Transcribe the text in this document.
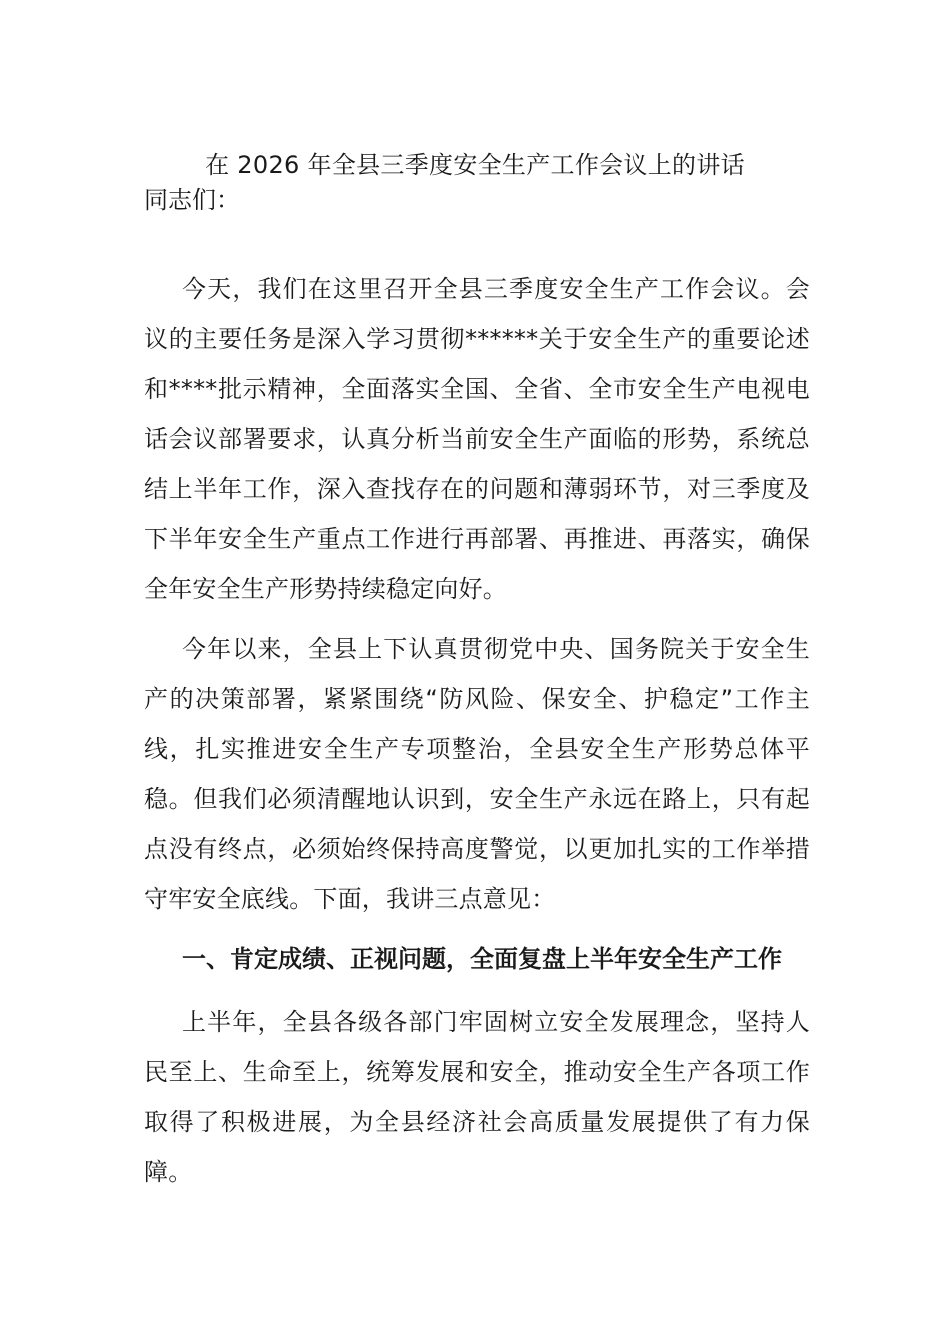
在 2026 年全县三季度安全生产工作会议上的讲话

同志们：

今天，我们在这里召开全县三季度安全生产工作会议。会议的主要任务是深入学习贯彻******关于安全生产的重要论述和****批示精神，全面落实全国、全省、全市安全生产电视电话会议部署要求，认真分析当前安全生产面临的形势，系统总结上半年工作，深入查找存在的问题和薄弱环节，对三季度及下半年安全生产重点工作进行再部署、再推进、再落实，确保全年安全生产形势持续稳定向好。

今年以来，全县上下认真贯彻党中央、国务院关于安全生产的决策部署，紧紧围绕“防风险、保安全、护稳定”工作主线，扎实推进安全生产专项整治，全县安全生产形势总体平稳。但我们必须清醒地认识到，安全生产永远在路上，只有起点没有终点，必须始终保持高度警觉，以更加扎实的工作举措守牢安全底线。下面，我讲三点意见：

一、肯定成绩、正视问题，全面复盘上半年安全生产工作

上半年，全县各级各部门牢固树立安全发展理念，坚持人民至上、生命至上，统筹发展和安全，推动安全生产各项工作取得了积极进展，为全县经济社会高质量发展提供了有力保障。
